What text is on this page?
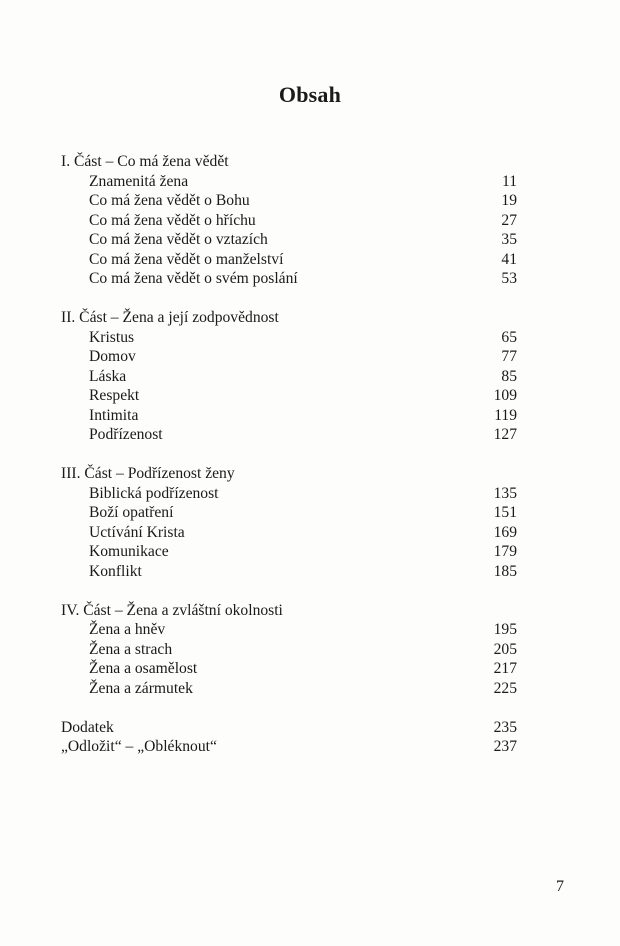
Obsah
I. Část – Co má žena vědět
Znamenitá žena	11
Co má žena vědět o Bohu	19
Co má žena vědět o hříchu	27
Co má žena vědět o vztazích	35
Co má žena vědět o manželství	41
Co má žena vědět o svém poslání	53
II. Část – Žena a její zodpovědnost
Kristus	65
Domov	77
Láska	85
Respekt	109
Intimita	119
Podřízenost	127
III. Část – Podřízenost ženy
Biblická podřízenost	135
Boží opatření	151
Uctívání Krista	169
Komunikace	179
Konflikt	185
IV. Část – Žena a zvláštní okolnosti
Žena a hněv	195
Žena a strach	205
Žena a osamělost	217
Žena a zármutek	225
Dodatek	235
„Odložit“ – „Obléknout“	237
7
